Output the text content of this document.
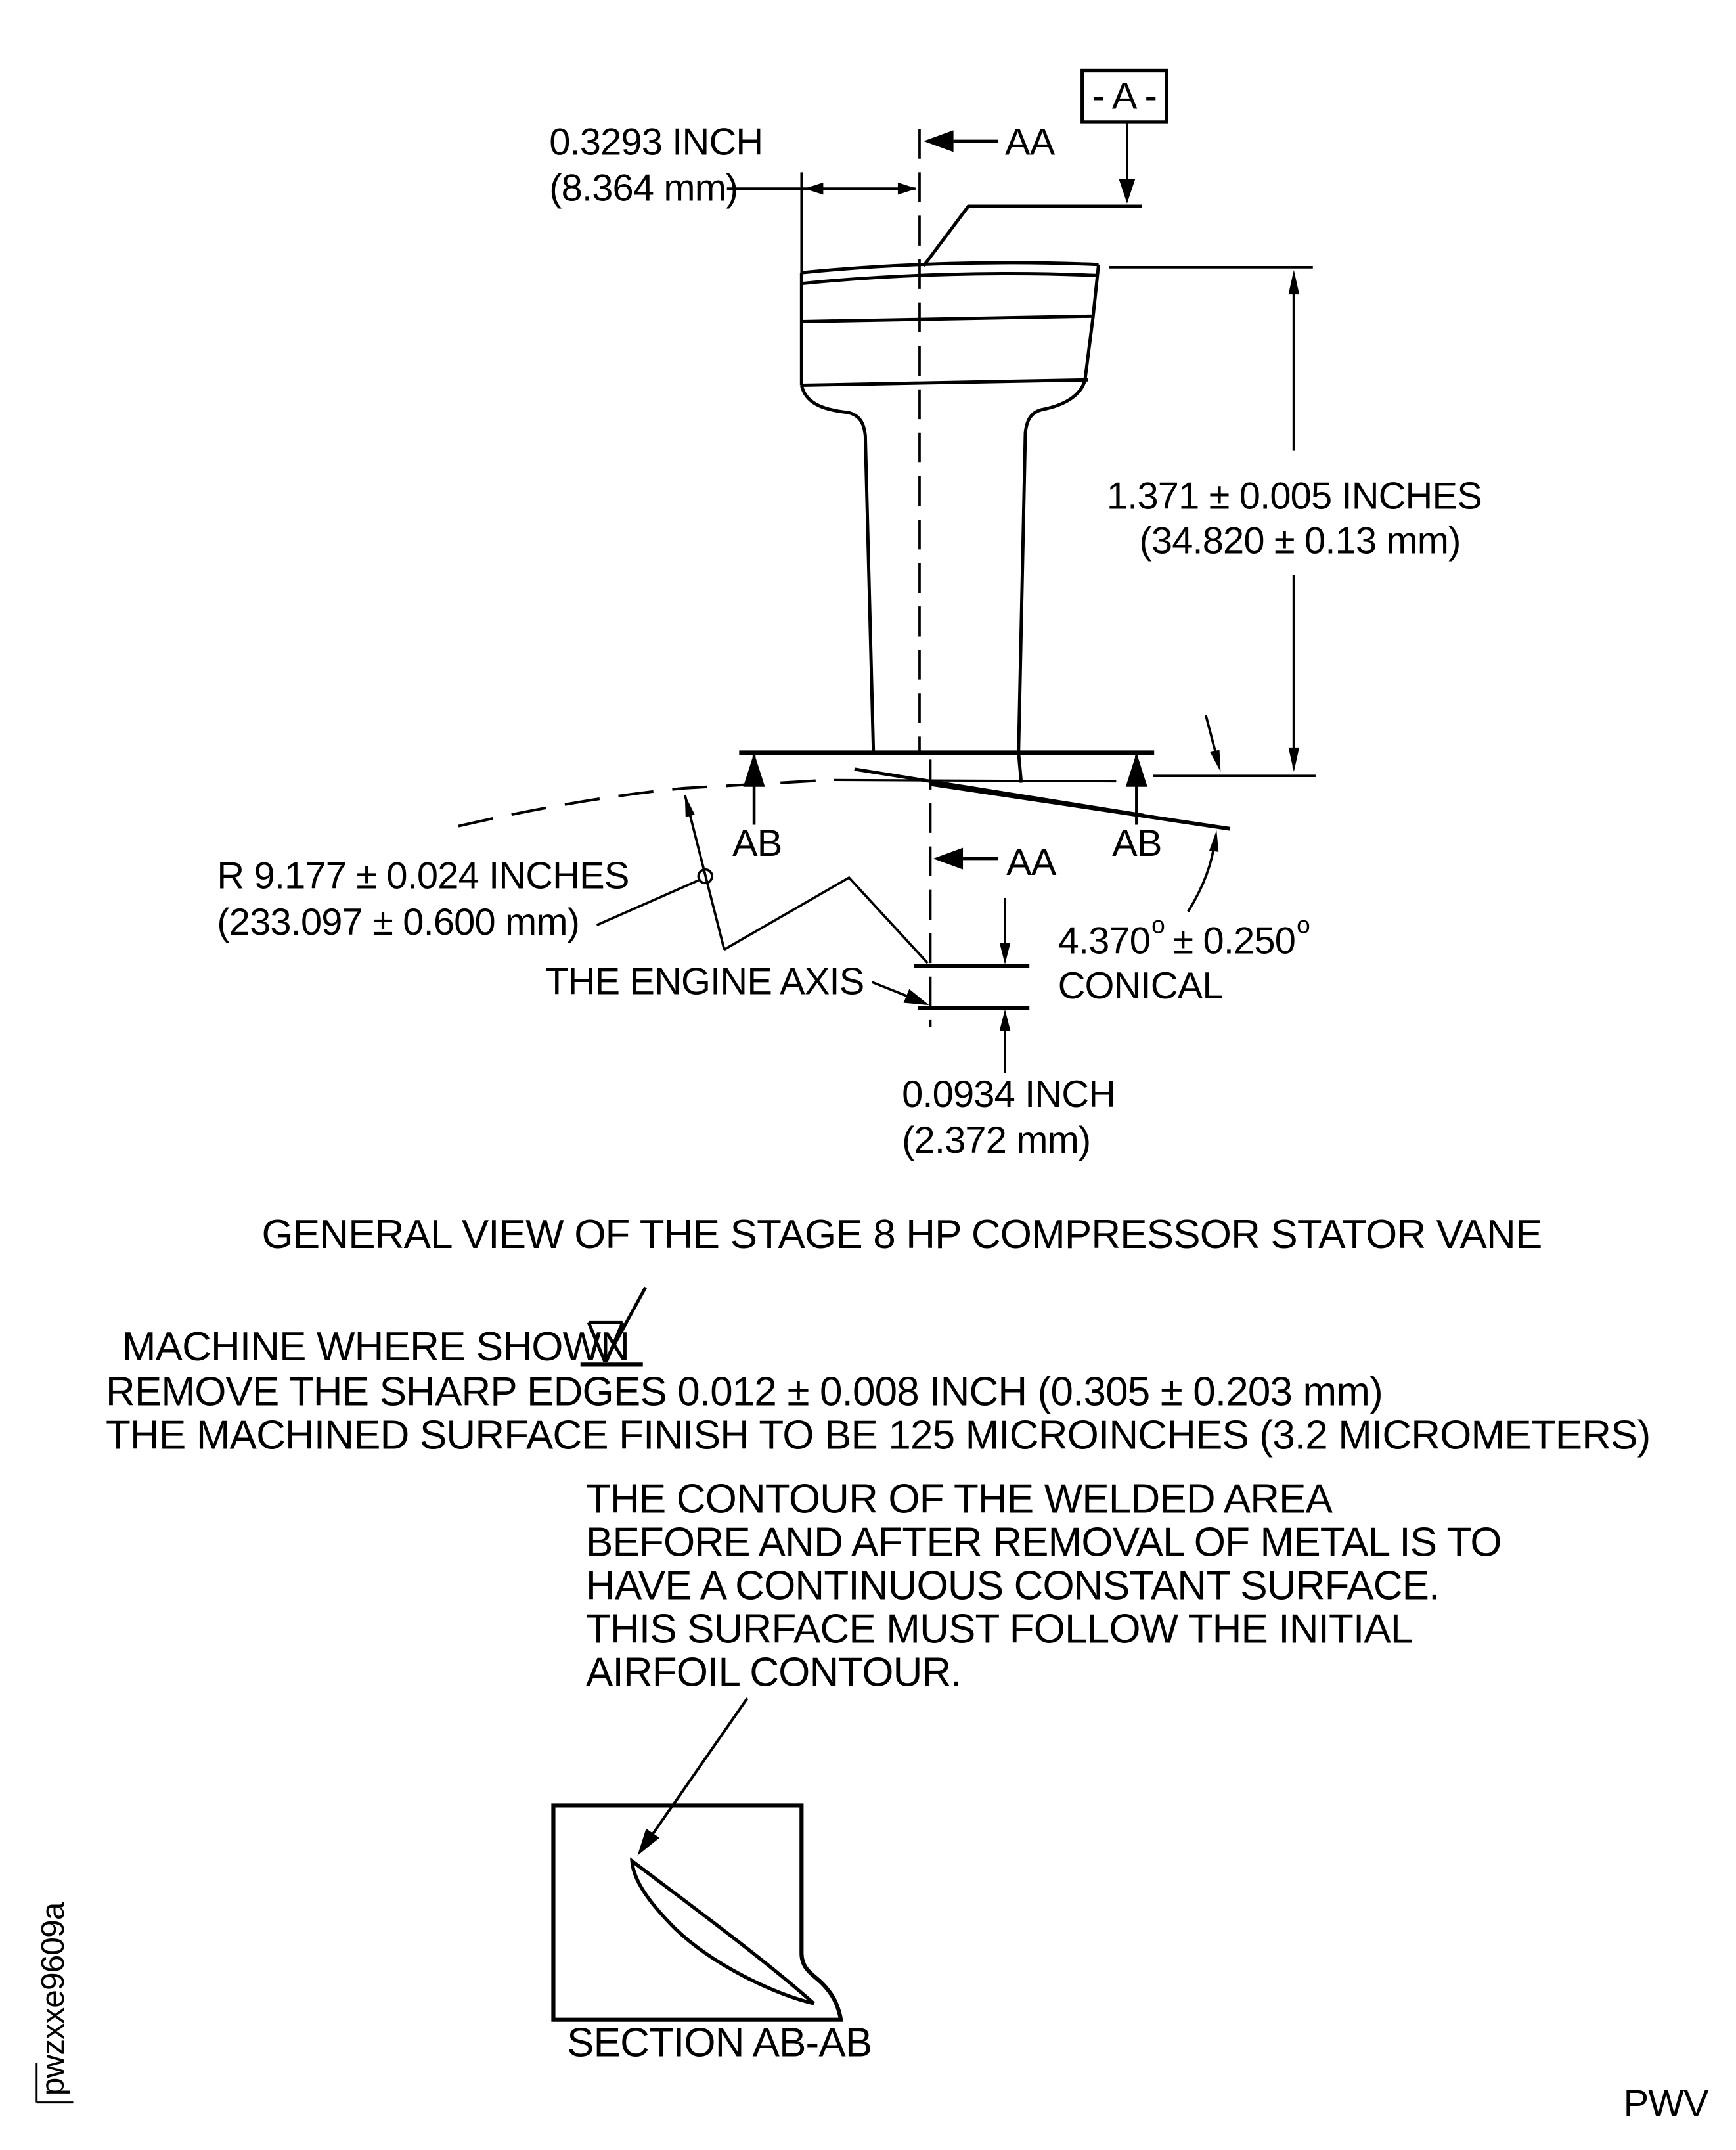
- A -
AA
AA
AB	AB
0.3293 INCH
(8.364 mm)
1.371 ± 0.005 INCHES
(34.820 ± 0.13 mm)
R 9.177 ± 0.024 INCHES
(233.097 ± 0.600 mm)	4.370 $^o$ ± 0.250 $^o$
CONICAL
THE ENGINE AXIS
0.0934 INCH
(2.372 mm)
GENERAL VIEW OF THE STAGE 8 HP COMPRESSOR STATOR VANE
MACHINE WHERE SHOWN
REMOVE THE SHARP EDGES 0.012 ± 0.008 INCH (0.305 ± 0.203 mm)
THE MACHINED SURFACE FINISH TO BE 125 MICROINCHES (3.2 MICROMETERS)
THE CONTOUR OF THE WELDED AREA
BEFORE AND AFTER REMOVAL OF METAL IS TO
HAVE A CONTINUOUS CONSTANT SURFACE.
THIS SURFACE MUST FOLLOW THE INITIAL
AIRFOIL CONTOUR.
SECTION AB-AB
pwzxxe9609a
PWV
